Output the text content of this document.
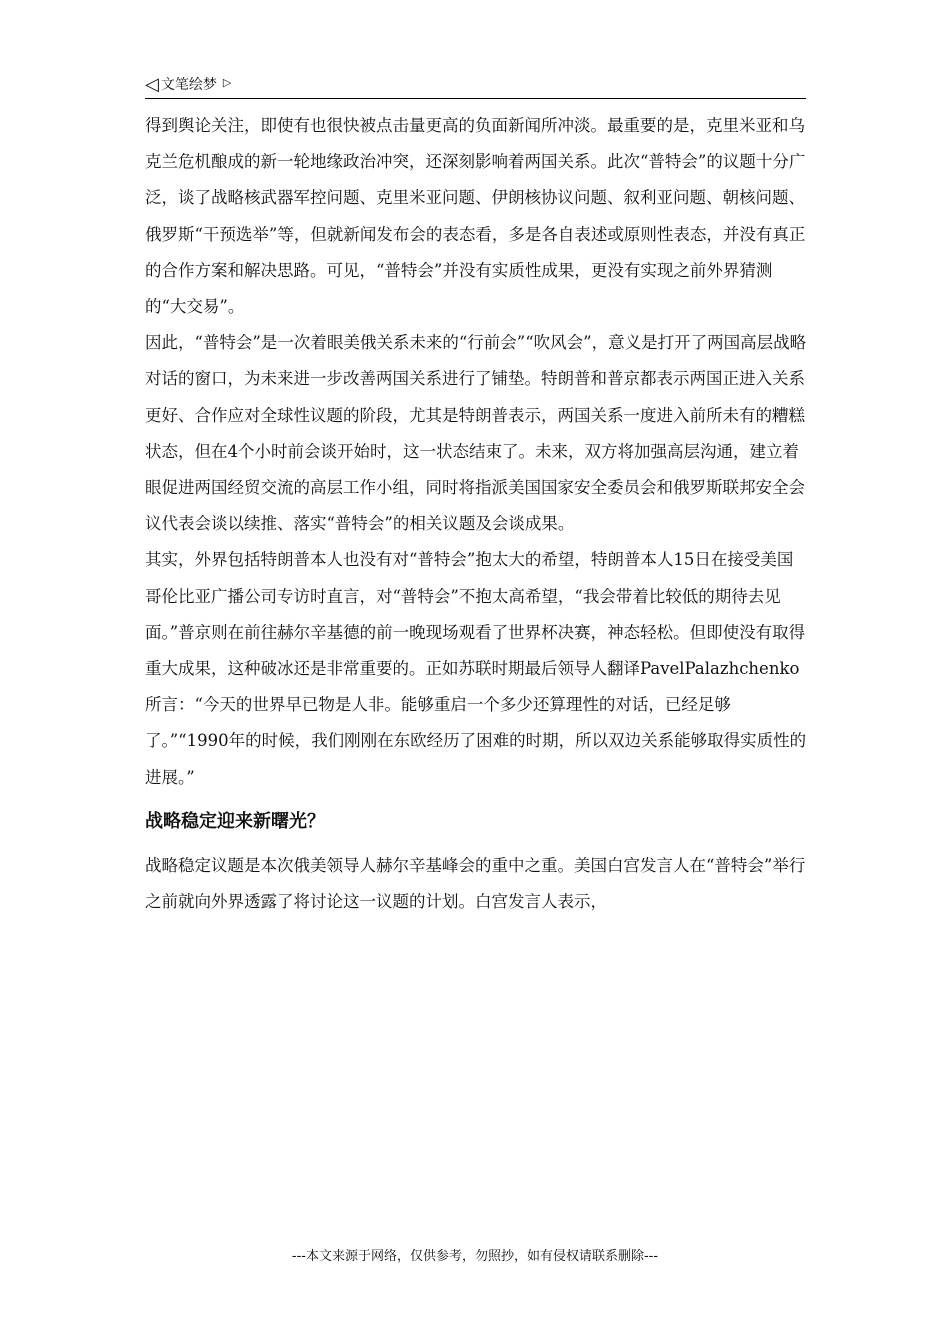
◁ 文笔绘梦 ▷

得到舆论关注，即使有也很快被点击量更高的负面新闻所冲淡。最重要的是，克里米亚和乌克兰危机酿成的新一轮地缘政治冲突，还深刻影响着两国关系。此次“普特会”的议题十分广泛，谈了战略核武器军控问题、克里米亚问题、伊朗核协议问题、叙利亚问题、朝核问题、俄罗斯“干预选举”等，但就新闻发布会的表态看，多是各自表述或原则性表态，并没有真正的合作方案和解决思路。可见，“普特会”并没有实质性成果，更没有实现之前外界猜测的“大交易”。

因此，“普特会”是一次着眼美俄关系未来的“行前会”“吹风会”，意义是打开了两国高层战略对话的窗口，为未来进一步改善两国关系进行了铺垫。特朗普和普京都表示两国正进入关系更好、合作应对全球性议题的阶段，尤其是特朗普表示，两国关系一度进入前所未有的糟糕状态，但在4个小时前会谈开始时，这一状态结束了。未来，双方将加强高层沟通，建立着眼促进两国经贸交流的高层工作小组，同时将指派美国国家安全委员会和俄罗斯联邦安全会议代表会谈以续推、落实“普特会”的相关议题及会谈成果。

其实，外界包括特朗普本人也没有对“普特会”抱太大的希望，特朗普本人15日在接受美国哥伦比亚广播公司专访时直言，对“普特会”不抱太高希望，“我会带着比较低的期待去见面。”普京则在前往赫尔辛基德的前一晚现场观看了世界杯决赛，神态轻松。但即使没有取得重大成果，这种破冰还是非常重要的。正如苏联时期最后领导人翻译PavelPalazhchenko所言：“今天的世界早已物是人非。能够重启一个多少还算理性的对话，已经足够了。”“1990年的时候，我们刚刚在东欧经历了困难的时期，所以双边关系能够取得实质性的进展。”

战略稳定迎来新曙光？

战略稳定议题是本次俄美领导人赫尔辛基峰会的重中之重。美国白宫发言人在“普特会”举行之前就向外界透露了将讨论这一议题的计划。白宫发言人表示，

---本文来源于网络，仅供参考，勿照抄，如有侵权请联系删除---
